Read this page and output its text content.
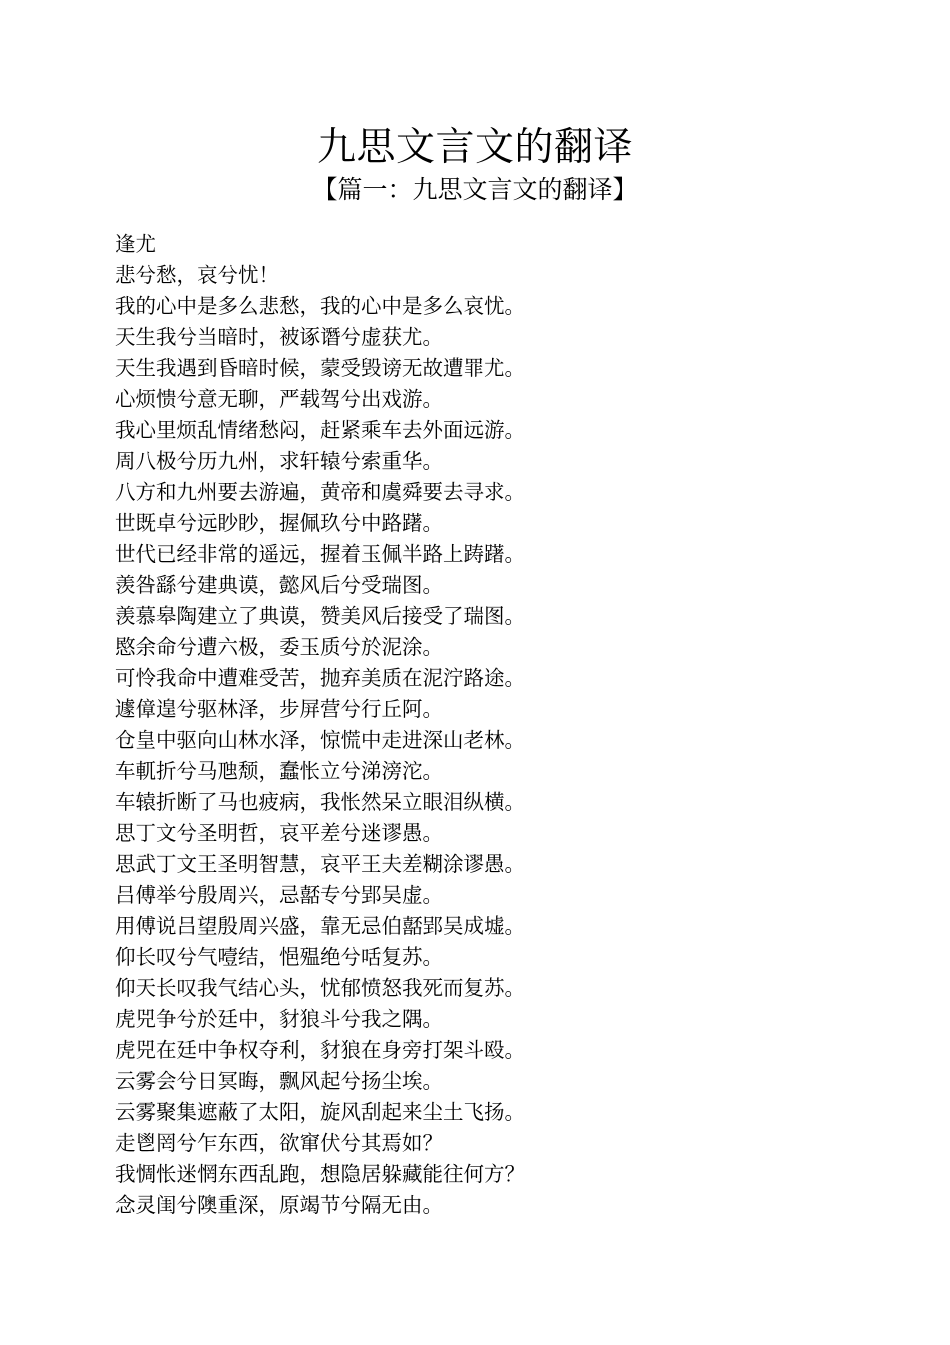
九思文言文的翻译
【篇一：九思文言文的翻译】
逢尤
悲兮愁，哀兮忧！
我的心中是多么悲愁，我的心中是多么哀忧。
天生我兮当暗时，被诼谮兮虚获尤。
天生我遇到昏暗时候，蒙受毁谤无故遭罪尤。
心烦愦兮意无聊，严载驾兮出戏游。
我心里烦乱情绪愁闷，赶紧乘车去外面远游。
周八极兮历九州，求轩辕兮索重华。
八方和九州要去游遍，黄帝和虞舜要去寻求。
世既卓兮远眇眇，握佩玖兮中路躇。
世代已经非常的遥远，握着玉佩半路上踌躇。
羡咎繇兮建典谟，懿风后兮受瑞图。
羡慕皋陶建立了典谟，赞美风后接受了瑞图。
愍余命兮遭六极，委玉质兮於泥涂。
可怜我命中遭难受苦，抛弃美质在泥泞路途。
遽傽遑兮驱林泽，步屏营兮行丘阿。
仓皇中驱向山林水泽，惊慌中走进深山老林。
车軏折兮马虺颓，蠢怅立兮涕滂沱。
车辕折断了马也疲病，我怅然呆立眼泪纵横。
思丁文兮圣明哲，哀平差兮迷谬愚。
思武丁文王圣明智慧，哀平王夫差糊涂谬愚。
吕傅举兮殷周兴，忌嚭专兮郢吴虚。
用傅说吕望殷周兴盛，靠无忌伯嚭郢吴成墟。
仰长叹兮气噎结，悒殟绝兮咶复苏。
仰天长叹我气结心头，忧郁愤怒我死而复苏。
虎兕争兮於廷中，豺狼斗兮我之隅。
虎兕在廷中争权夺利，豺狼在身旁打架斗殴。
云雾会兮日冥晦，飘风起兮扬尘埃。
云雾聚集遮蔽了太阳，旋风刮起来尘土飞扬。
走鬯罔兮乍东西，欲窜伏兮其焉如？
我惆怅迷惘东西乱跑，想隐居躲藏能往何方？
念灵闺兮隩重深，原竭节兮隔无由。
